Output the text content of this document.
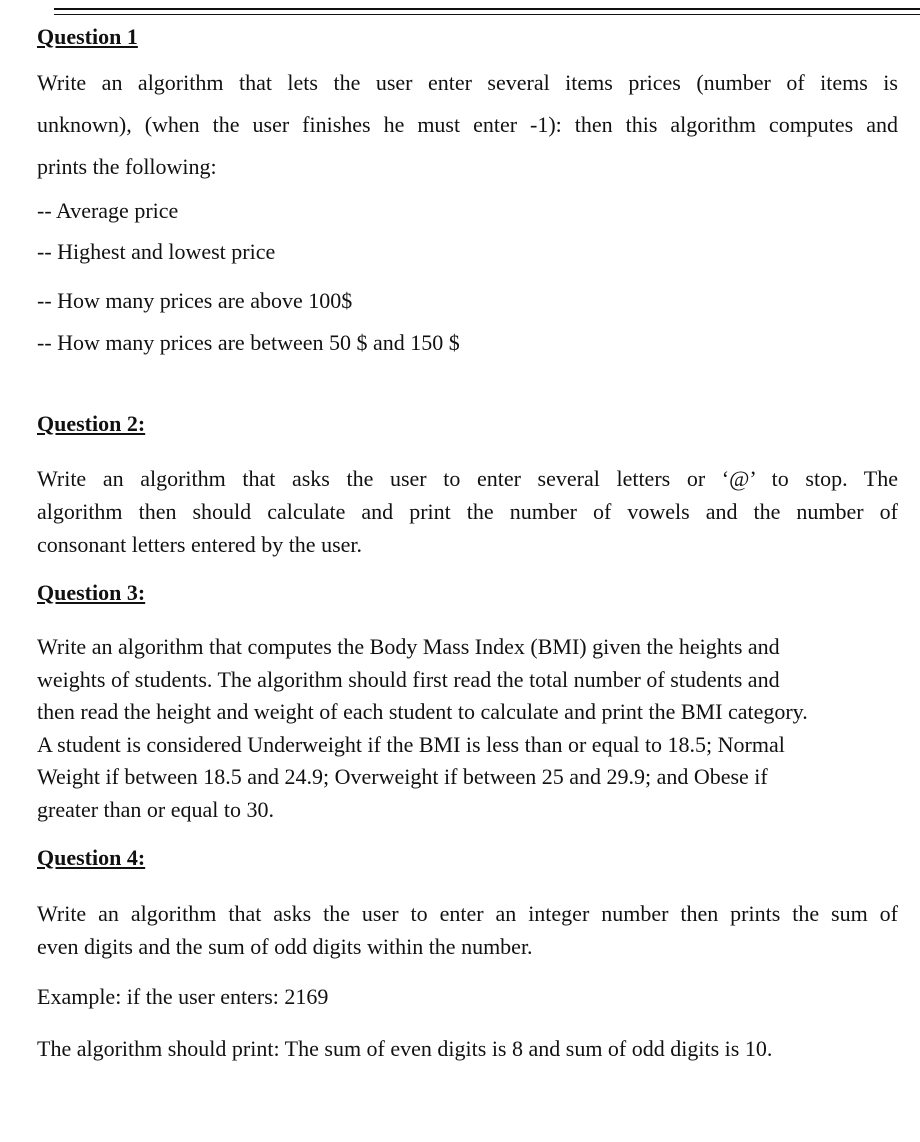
Question 1

Write an algorithm that lets the user enter several items prices (number of items is

unknown), (when the user finishes he must enter -1): then this algorithm computes and

prints the following:

-- Average price

-- Highest and lowest price

-- How many prices are above 100$

-- How many prices are between 50 $ and 150 $

Question 2:

Write an algorithm that asks the user to enter several letters or ‘@’ to stop. The

algorithm then should calculate and print the number of vowels and the number of

consonant letters entered by the user.

Question 3:

Write an algorithm that computes the Body Mass Index (BMI) given the heights and

weights of students. The algorithm should first read the total number of students and

then read the height and weight of each student to calculate and print the BMI category.

A student is considered Underweight if the BMI is less than or equal to 18.5; Normal

Weight if between 18.5 and 24.9; Overweight if between 25 and 29.9; and Obese if

greater than or equal to 30.

Question 4:

Write an algorithm that asks the user to enter an integer number then prints the sum of

even digits and the sum of odd digits within the number.

Example: if the user enters: 2169

The algorithm should print: The sum of even digits is 8 and sum of odd digits is 10.
